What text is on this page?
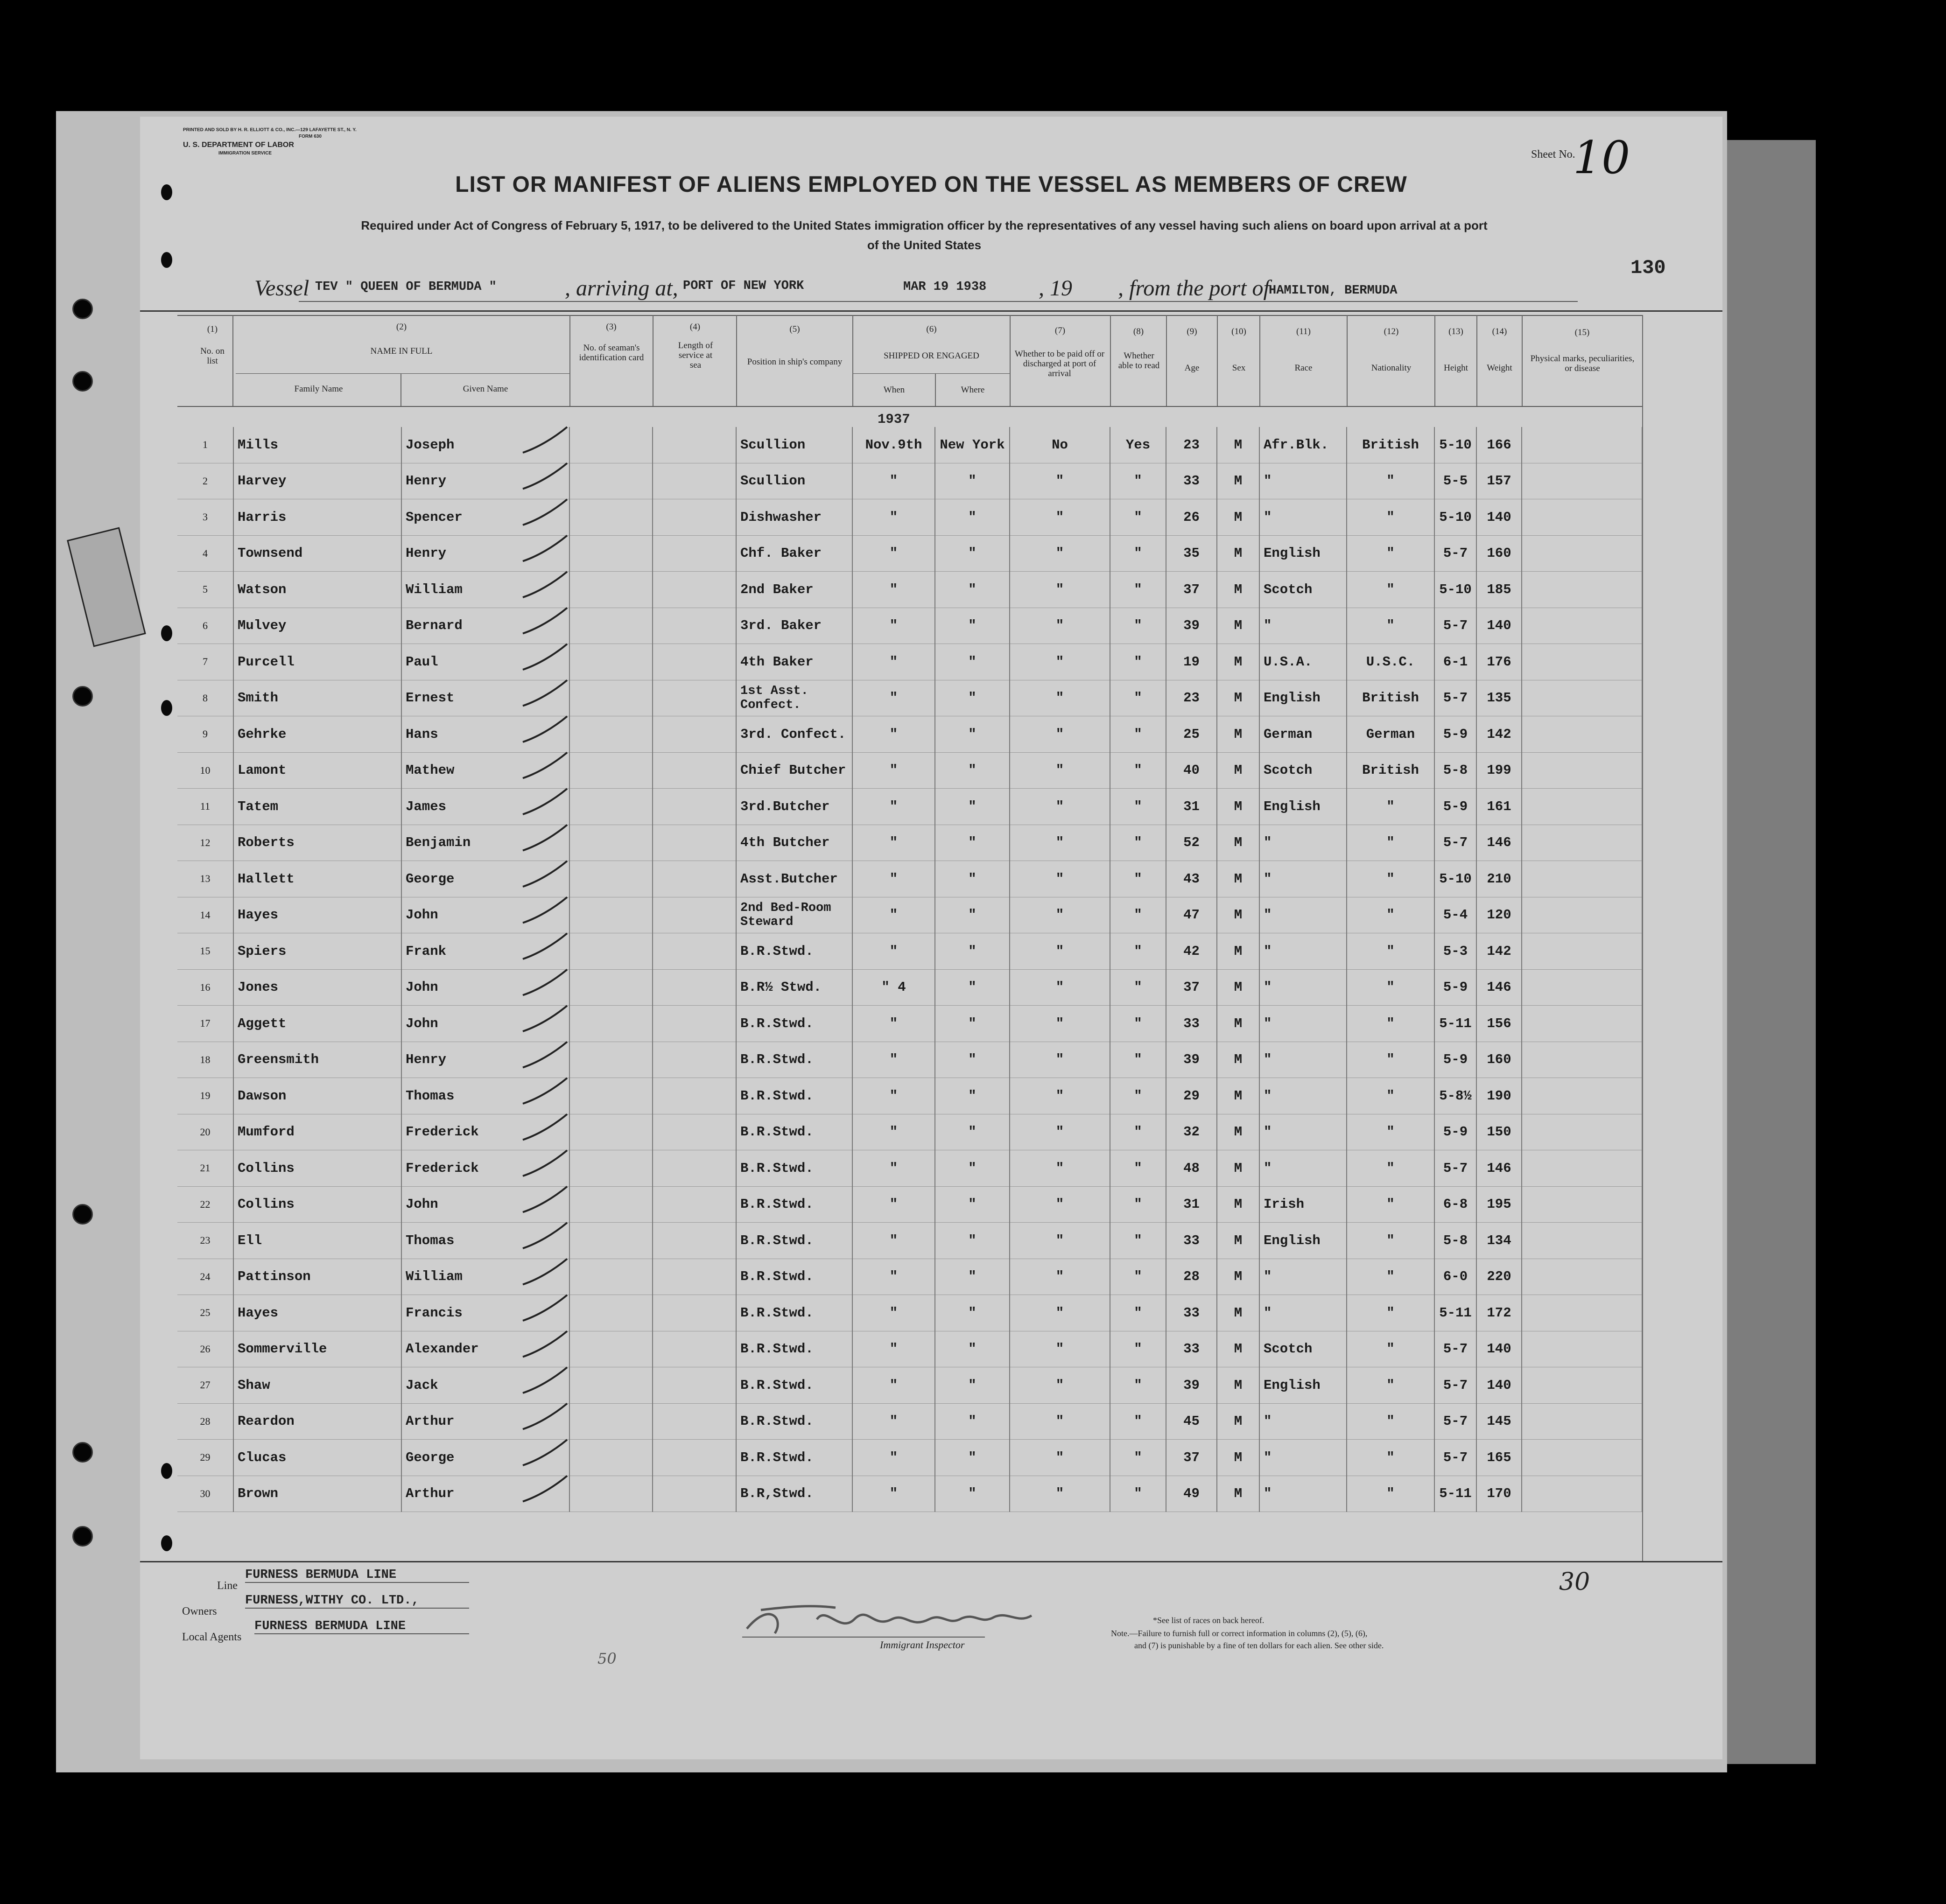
PRINTED AND SOLD BY H. R. ELLIOTT & CO., INC.—129 LAFAYETTE ST., N. Y.
FORM 630
U. S. DEPARTMENT OF LABOR
IMMIGRATION SERVICE	Sheet No.
10
LIST OR MANIFEST OF ALIENS EMPLOYED ON THE VESSEL AS MEMBERS OF CREW
Required under Act of Congress of February 5, 1917, to be delivered to the United States immigration officer by the representatives of any vessel having such aliens on board upon arrival at a port
of the United States
130
Vessel TEV " QUEEN OF BERMUDA "	, arriving at, PORT OF NEW YORK	MAR 19 1938 , 19 , from the port of
HAMILTON, BERMUDA
(1)
No. on list
(2)
NAME IN FULL
Family Name	Given Name
(3)
No. of seaman's identification card
(4)
Length of service at sea
(5)
Position in ship's company
(6)
SHIPPED OR ENGAGED
When	Where
(7)
Whether to be paid off or discharged at port of arrival
(8)
Whether able to read
(9)
Age
(10)
Sex
(11)
Race
(12)
Nationality
(13)
Height
(14)
Weight
(15)
Physical marks, peculiarities, or disease
1937
1	Mills	Joseph			Scullion	Nov.9th	New York	No	Yes	23	M	Afr.Blk.	British	5-10	166	
2	Harvey	Henry			Scullion	"	"	"	"	33	M	"	"	5-5	157	
3	Harris	Spencer			Dishwasher	"	"	"	"	26	M	"	"	5-10	140	
4	Townsend	Henry			Chf. Baker	"	"	"	"	35	M	English	"	5-7	160	
5	Watson	William			2nd Baker	"	"	"	"	37	M	Scotch	"	5-10	185	
6	Mulvey	Bernard			3rd. Baker	"	"	"	"	39	M	"	"	5-7	140	
7	Purcell	Paul			4th Baker	"	"	"	"	19	M	U.S.A.	U.S.C.	6-1	176	
8	Smith	Ernest			1st Asst. Confect.	"	"	"	"	23	M	English	British	5-7	135	
9	Gehrke	Hans			3rd. Confect.	"	"	"	"	25	M	German	German	5-9	142	
10	Lamont	Mathew			Chief Butcher	"	"	"	"	40	M	Scotch	British	5-8	199	
11	Tatem	James			3rd.Butcher	"	"	"	"	31	M	English	"	5-9	161	
12	Roberts	Benjamin			4th Butcher	"	"	"	"	52	M	"	"	5-7	146	
13	Hallett	George			Asst.Butcher	"	"	"	"	43	M	"	"	5-10	210	
14	Hayes	John			2nd Bed-Room Steward	"	"	"	"	47	M	"	"	5-4	120	
15	Spiers	Frank			B.R.Stwd.	"	"	"	"	42	M	"	"	5-3	142	
16	Jones	John			B.R½ Stwd.	" 4	"	"	"	37	M	"	"	5-9	146	
17	Aggett	John			B.R.Stwd.	"	"	"	"	33	M	"	"	5-11	156	
18	Greensmith	Henry			B.R.Stwd.	"	"	"	"	39	M	"	"	5-9	160	
19	Dawson	Thomas			B.R.Stwd.	"	"	"	"	29	M	"	"	5-8½	190	
20	Mumford	Frederick			B.R.Stwd.	"	"	"	"	32	M	"	"	5-9	150	
21	Collins	Frederick			B.R.Stwd.	"	"	"	"	48	M	"	"	5-7	146	
22	Collins	John			B.R.Stwd.	"	"	"	"	31	M	Irish	"	6-8	195	
23	Ell	Thomas			B.R.Stwd.	"	"	"	"	33	M	English	"	5-8	134	
24	Pattinson	William			B.R.Stwd.	"	"	"	"	28	M	"	"	6-0	220	
25	Hayes	Francis			B.R.Stwd.	"	"	"	"	33	M	"	"	5-11	172	
26	Sommerville	Alexander			B.R.Stwd.	"	"	"	"	33	M	Scotch	"	5-7	140	
27	Shaw	Jack			B.R.Stwd.	"	"	"	"	39	M	English	"	5-7	140	
28	Reardon	Arthur			B.R.Stwd.	"	"	"	"	45	M	"	"	5-7	145	
29	Clucas	George			B.R.Stwd.	"	"	"	"	37	M	"	"	5-7	165	
30	Brown	Arthur			B.R,Stwd.	"	"	"	"	49	M	"	"	5-11	170	
Line
FURNESS BERMUDA LINE
Owners
FURNESS,WITHY CO. LTD.,
Local Agents
FURNESS BERMUDA LINE
Immigrant Inspector
*See list of races on back hereof.
Note.—Failure to furnish full or correct information in columns (2), (5), (6),
and (7) is punishable by a fine of ten dollars for each alien. See other side.
50
30
